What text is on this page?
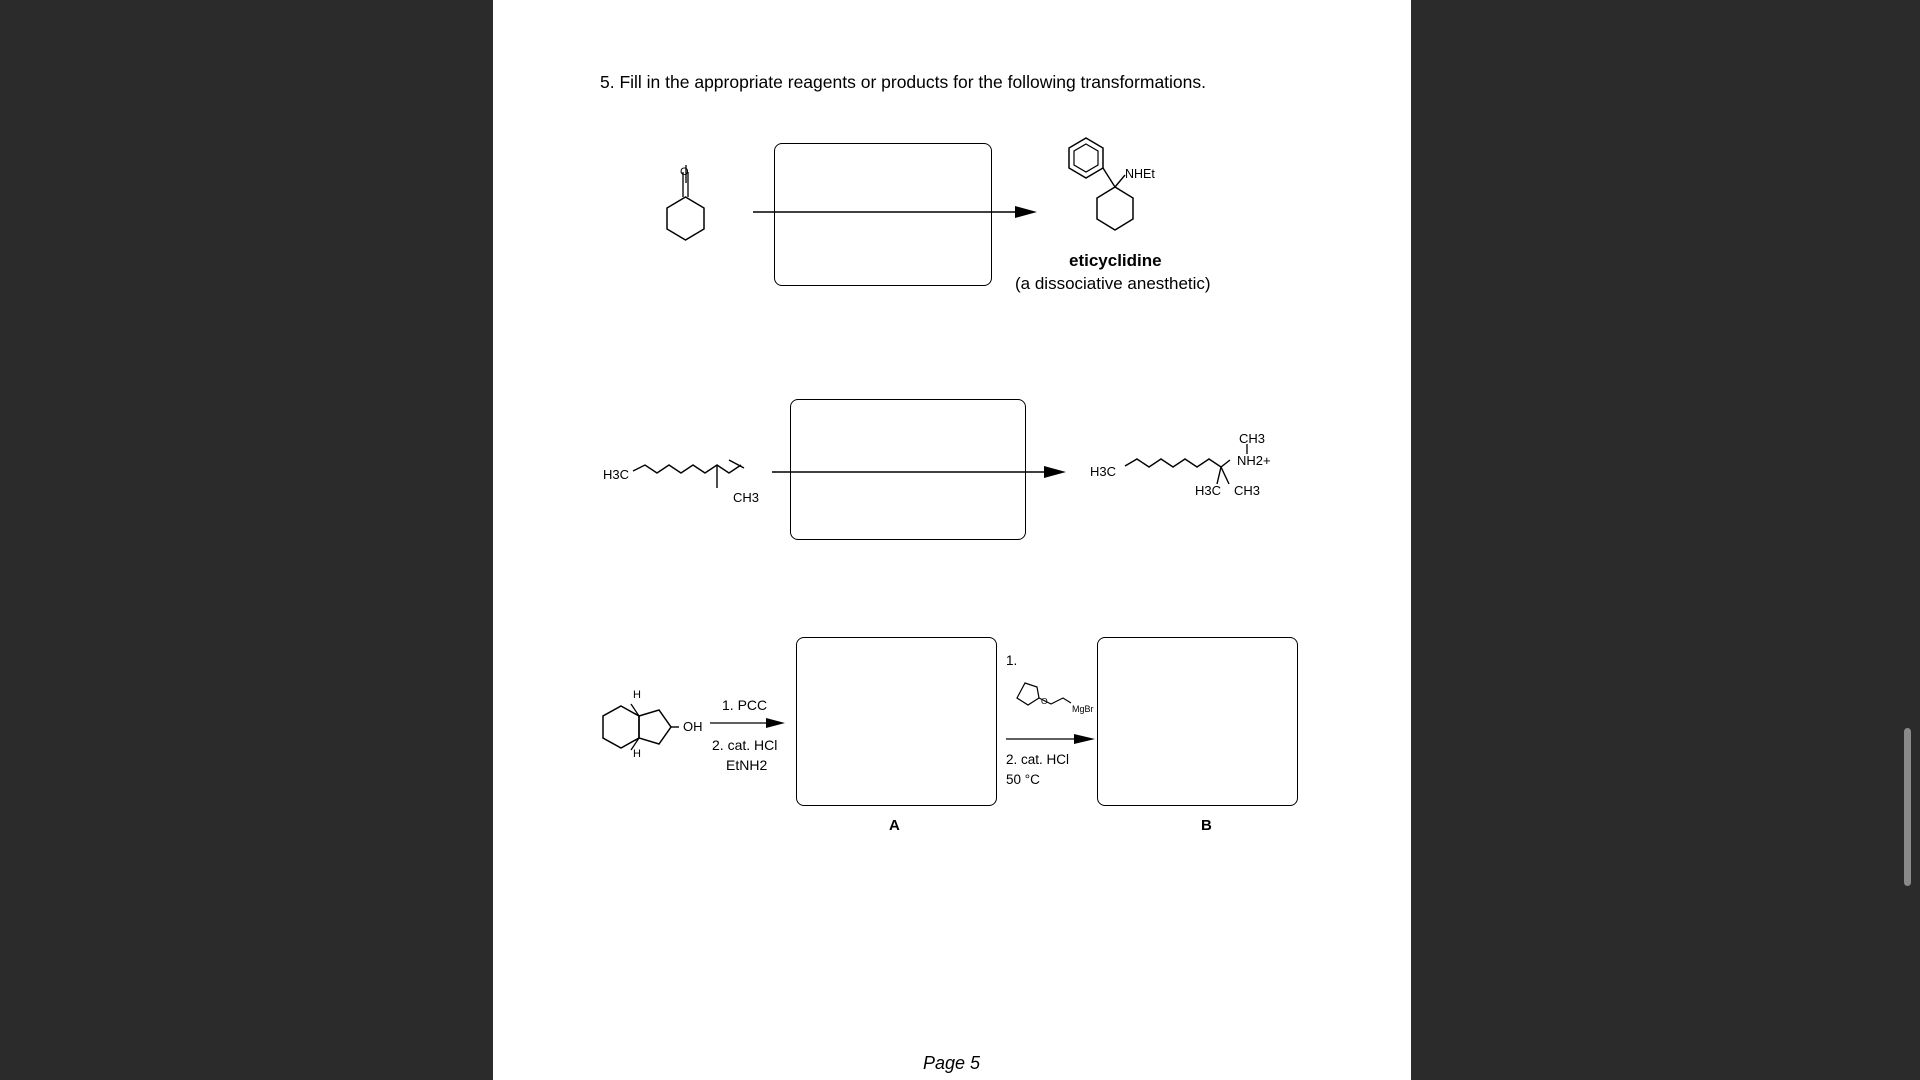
5. Fill in the appropriate reagents or products for the following transformations.
O	NHEt
eticyclidine
(a dissociative anesthetic)
H3C
CH3
H3C
CH3
NH2+
H3C CH3
H
H
OH
1. PCC
2. cat. HCl
EtNH2
A
1.
O
MgBr
2. cat. HCl
50 °C
B
Page 5
